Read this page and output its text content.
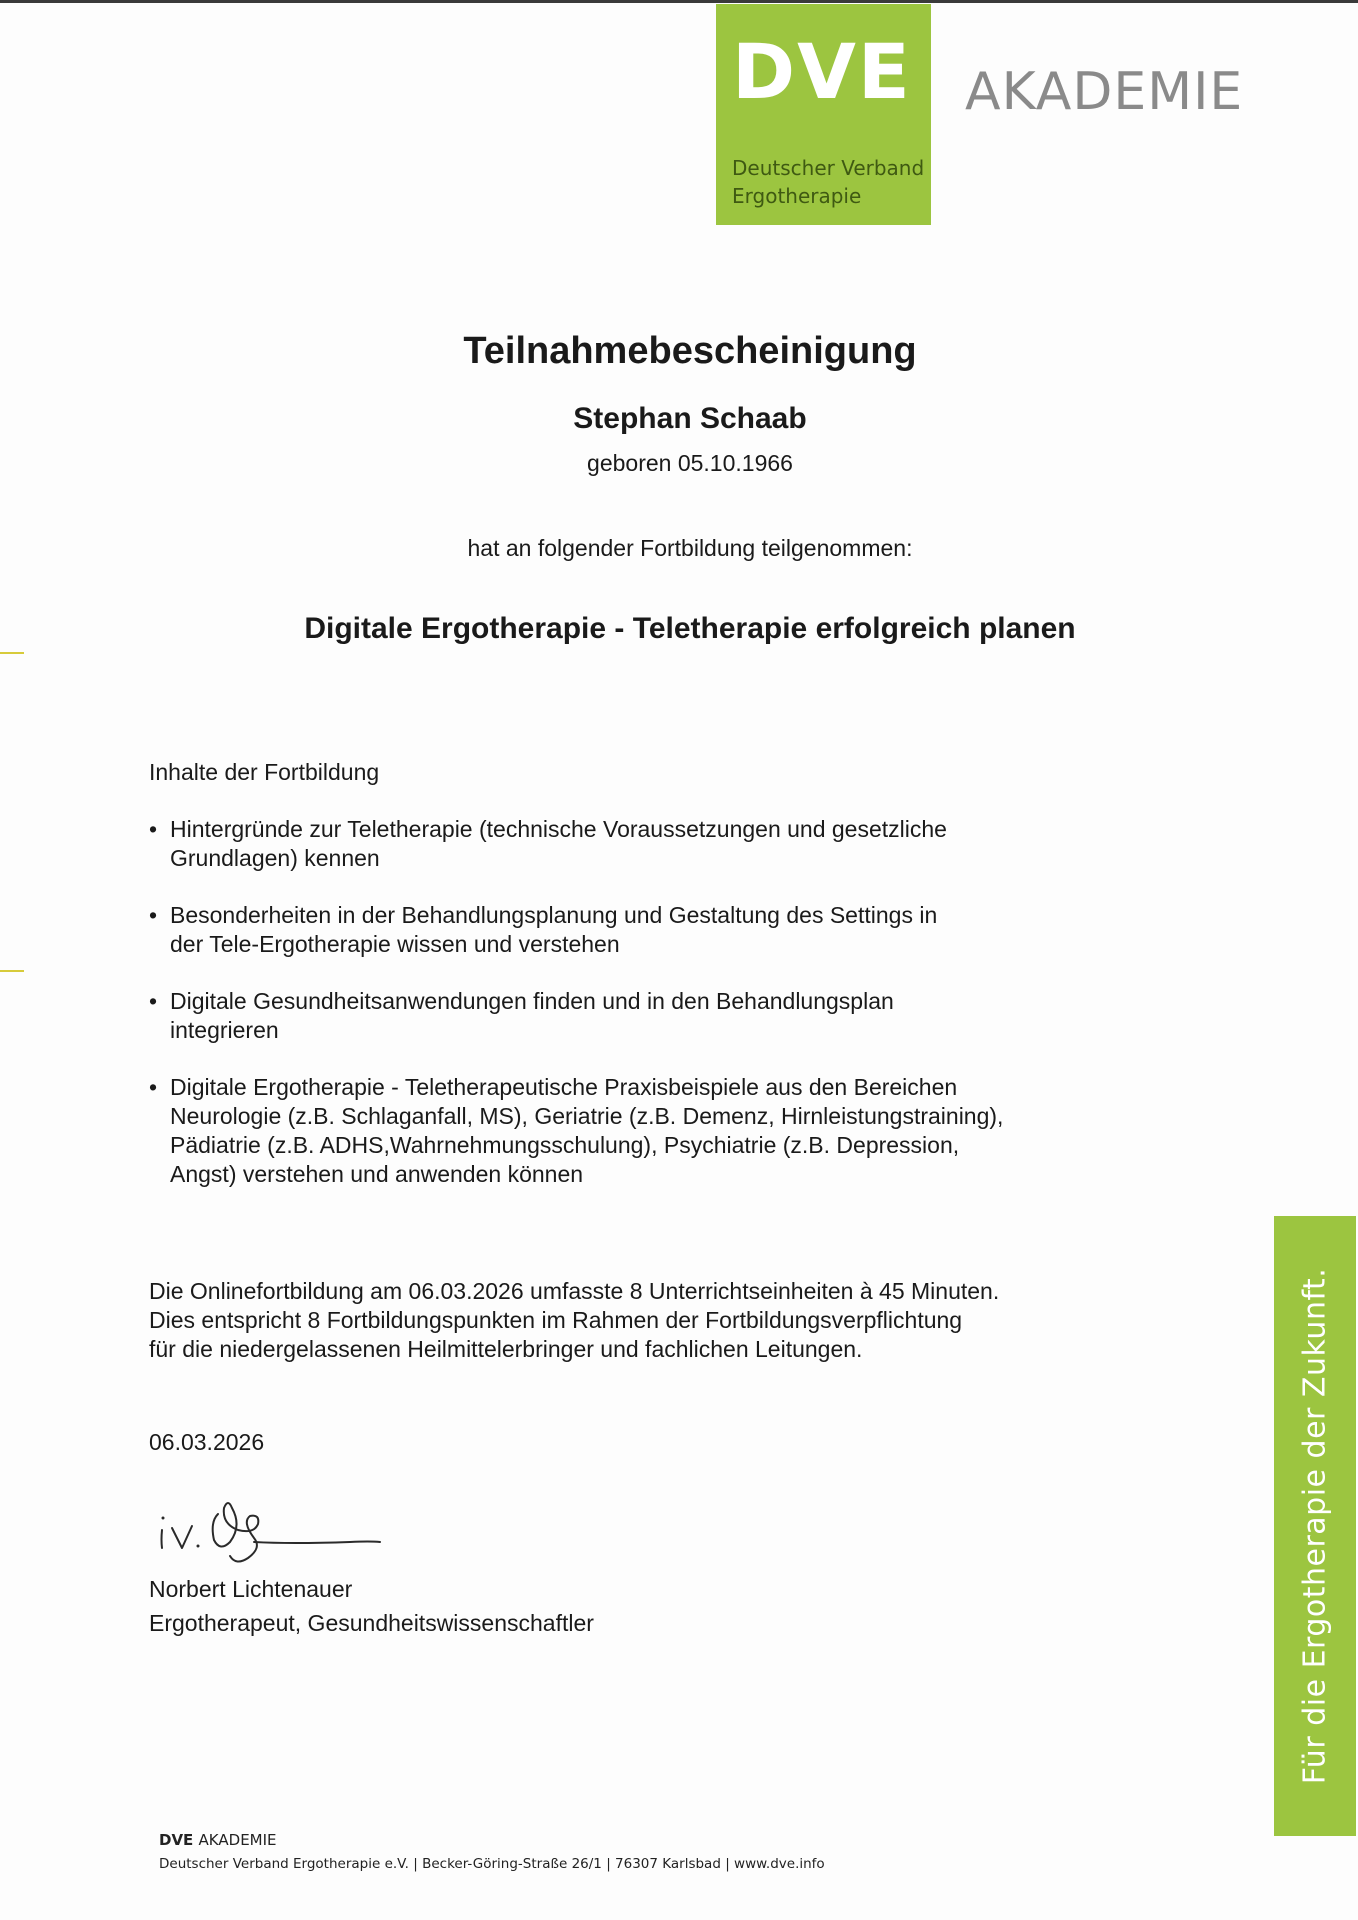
DVE
Deutscher Verband
Ergotherapie
AKADEMIE
Teilnahmebescheinigung
Stephan Schaab
geboren 05.10.1966
hat an folgender Fortbildung teilgenommen:
Digitale Ergotherapie - Teletherapie erfolgreich planen
Inhalte der Fortbildung
• Hintergründe zur Teletherapie (technische Voraussetzungen und gesetzliche
Grundlagen) kennen
• Besonderheiten in der Behandlungsplanung und Gestaltung des Settings in
der Tele-Ergotherapie wissen und verstehen
• Digitale Gesundheitsanwendungen finden und in den Behandlungsplan
integrieren
• Digitale Ergotherapie - Teletherapeutische Praxisbeispiele aus den Bereichen
Neurologie (z.B. Schlaganfall, MS), Geriatrie (z.B. Demenz, Hirnleistungstraining),
Pädiatrie (z.B. ADHS,Wahrnehmungsschulung), Psychiatrie (z.B. Depression,
Angst) verstehen und anwenden können
Die Onlinefortbildung am 06.03.2026 umfasste 8 Unterrichtseinheiten à 45 Minuten.
Dies entspricht 8 Fortbildungspunkten im Rahmen der Fortbildungsverpflichtung
für die niedergelassenen Heilmittelerbringer und fachlichen Leitungen.
06.03.2026
Norbert Lichtenauer
Ergotherapeut, Gesundheitswissenschaftler	Für die Ergotherapie der Zukunft.
DVE AKADEMIE
Deutscher Verband Ergotherapie e.V. | Becker-Göring-Straße 26/1 | 76307 Karlsbad | www.dve.info
